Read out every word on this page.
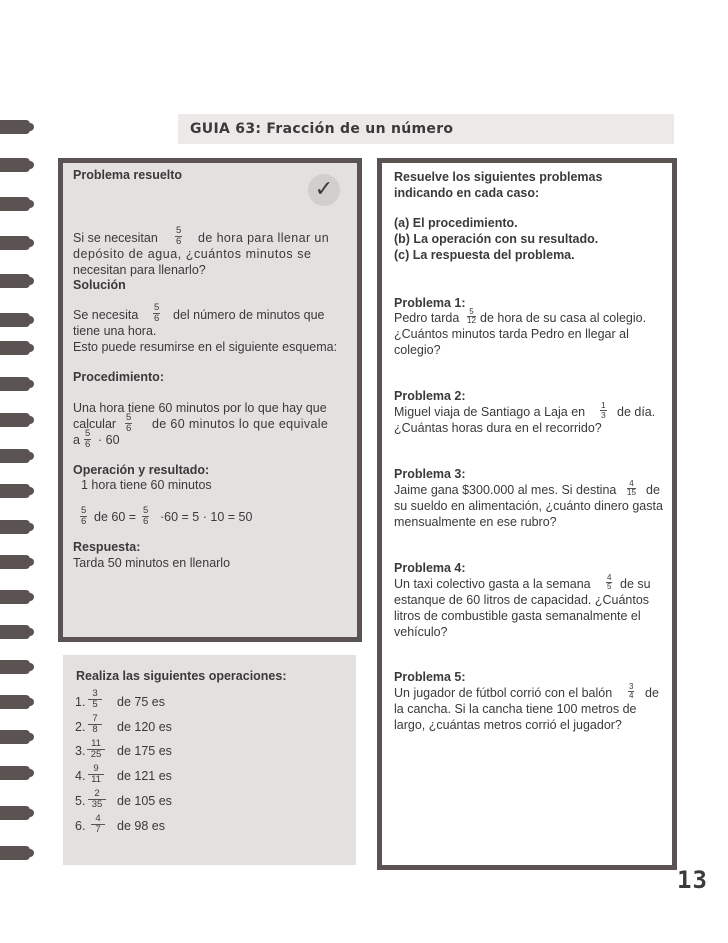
GUIA 63: Fracción de un número
✓
Problema resuelto
Si se necesitan $\frac{5}{6}$ de hora para llenar un
depósito de agua, ¿cuántos minutos se
necesitan para llenarlo?
Solución
Se necesita $\frac{5}{6}$ del número de minutos que
tiene una hora.
Esto puede resumirse en el siguiente esquema:
Procedimiento:
Una hora tiene 60 minutos por lo que hay que
calcular $\frac{5}{6}$ de 60 minutos lo que equivale
a $\frac{5}{6} \cdot 60$
Operación y resultado:
1 hora tiene 60 minutos
$\frac{5}{6}$ de $60 = \frac{5}{6} \cdot 60 = 5 \cdot 10 = 50$
Respuesta:
Tarda 50 minutos en llenarlo
Realiza las siguientes operaciones:
1. $\frac{3}{5}$ de 75 es
2. $\frac{7}{8}$ de 120 es
3. $\frac{11}{25}$ de 175 es
4. $\frac{9}{11}$ de 121 es
5. $\frac{2}{35}$ de 105 es
6. $\frac{4}{7}$ de 98 es
Resuelve los siguientes problemas
indicando en cada caso:
(a) El procedimiento.
(b) La operación con su resultado.
(c) La respuesta del problema.
Problema 1:
Pedro tarda $\frac{5}{12}$ de hora de su casa al colegio.
¿Cuántos minutos tarda Pedro en llegar al
colegio?
Problema 2:
Miguel viaja de Santiago a Laja en $\frac{1}{3}$ de día.
¿Cuántas horas dura en el recorrido?
Problema 3:
Jaime gana $300.000 al mes. Si destina $\frac{4}{15}$ de
su sueldo en alimentación, ¿cuánto dinero gasta
mensualmente en ese rubro?
Problema 4:
Un taxi colectivo gasta a la semana $\frac{4}{5}$ de su
estanque de 60 litros de capacidad. ¿Cuántos
litros de combustible gasta semanalmente el
vehículo?
Problema 5:
Un jugador de fútbol corrió con el balón $\frac{3}{4}$ de
la cancha. Si la cancha tiene 100 metros de
largo, ¿cuántas metros corrió el jugador?
13
